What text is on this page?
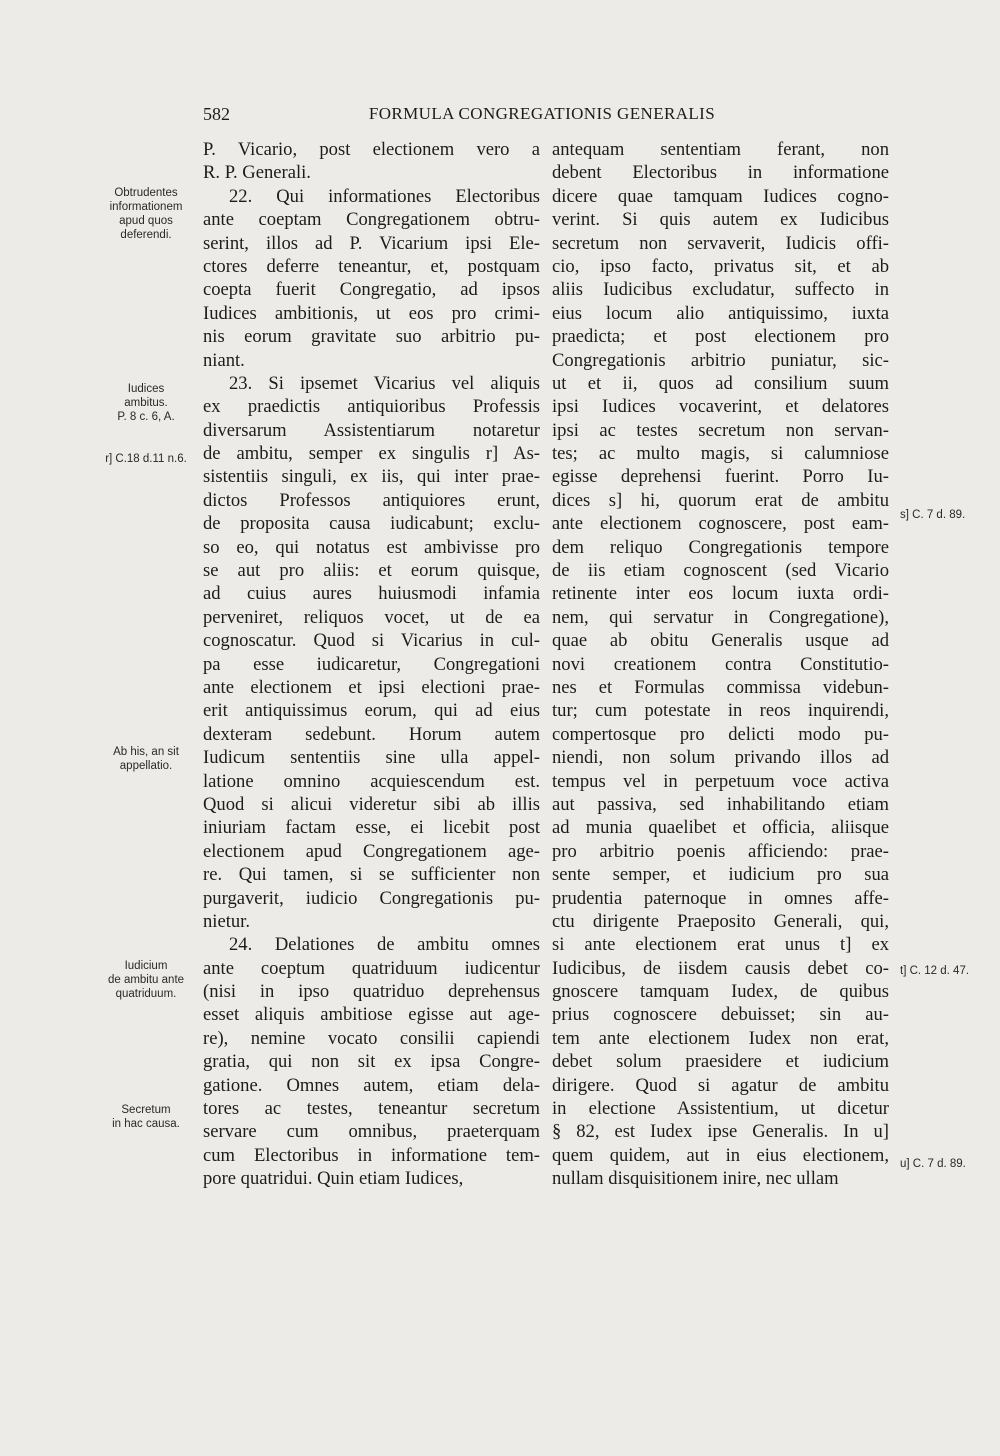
582	FORMULA CONGREGATIONIS GENERALIS
P. Vicario, post electionem vero a
R. P. Generali.
22. Qui informationes Electoribus
ante coeptam Congregationem obtru-
serint, illos ad P. Vicarium ipsi Ele-
ctores deferre teneantur, et, postquam
coepta fuerit Congregatio, ad ipsos
Iudices ambitionis, ut eos pro crimi-
nis eorum gravitate suo arbitrio pu-
niant.
23. Si ipsemet Vicarius vel aliquis
ex praedictis antiquioribus Professis
diversarum Assistentiarum notaretur
de ambitu, semper ex singulis r] As-
sistentiis singuli, ex iis, qui inter prae-
dictos Professos antiquiores erunt,
de proposita causa iudicabunt; exclu-
so eo, qui notatus est ambivisse pro
se aut pro aliis: et eorum quisque,
ad cuius aures huiusmodi infamia
perveniret, reliquos vocet, ut de ea
cognoscatur. Quod si Vicarius in cul-
pa esse iudicaretur, Congregationi
ante electionem et ipsi electioni prae-
erit antiquissimus eorum, qui ad eius
dexteram sedebunt. Horum autem
Iudicum sententiis sine ulla appel-
latione omnino acquiescendum est.
Quod si alicui videretur sibi ab illis
iniuriam factam esse, ei licebit post
electionem apud Congregationem age-
re. Qui tamen, si se sufficienter non
purgaverit, iudicio Congregationis pu-
nietur.
24. Delationes de ambitu omnes
ante coeptum quatriduum iudicentur
(nisi in ipso quatriduo deprehensus
esset aliquis ambitiose egisse aut age-
re), nemine vocato consilii capiendi
gratia, qui non sit ex ipsa Congre-
gatione. Omnes autem, etiam dela-
tores ac testes, teneantur secretum
servare cum omnibus, praeterquam
cum Electoribus in informatione tem-
pore quatridui. Quin etiam Iudices,
antequam sententiam ferant, non
debent Electoribus in informatione
dicere quae tamquam Iudices cogno-
verint. Si quis autem ex Iudicibus
secretum non servaverit, Iudicis offi-
cio, ipso facto, privatus sit, et ab
aliis Iudicibus excludatur, suffecto in
eius locum alio antiquissimo, iuxta
praedicta; et post electionem pro
Congregationis arbitrio puniatur, sic-
ut et ii, quos ad consilium suum
ipsi Iudices vocaverint, et delatores
ipsi ac testes secretum non servan-
tes; ac multo magis, si calumniose
egisse deprehensi fuerint. Porro Iu-
dices s] hi, quorum erat de ambitu
ante electionem cognoscere, post eam-
dem reliquo Congregationis tempore
de iis etiam cognoscent (sed Vicario
retinente inter eos locum iuxta ordi-
nem, qui servatur in Congregatione),
quae ab obitu Generalis usque ad
novi creationem contra Constitutio-
nes et Formulas commissa videbun-
tur; cum potestate in reos inquirendi,
compertosque pro delicti modo pu-
niendi, non solum privando illos ad
tempus vel in perpetuum voce activa
aut passiva, sed inhabilitando etiam
ad munia quaelibet et officia, aliisque
pro arbitrio poenis afficiendo: prae-
sente semper, et iudicium pro sua
prudentia paternoque in omnes affe-
ctu dirigente Praeposito Generali, qui,
si ante electionem erat unus t] ex
Iudicibus, de iisdem causis debet co-
gnoscere tamquam Iudex, de quibus
prius cognoscere debuisset; sin au-
tem ante electionem Iudex non erat,
debet solum praesidere et iudicium
dirigere. Quod si agatur de ambitu
in electione Assistentium, ut dicetur
§ 82, est Iudex ipse Generalis. In u]
quem quidem, aut in eius electionem,
nullam disquisitionem inire, nec ullam
Obtrudentes
informationem
apud quos
deferendi.
Iudices
ambitus.
P. 8 c. 6, A.
r] C.18 d.11 n.6.
Ab his, an sit
appellatio.
Iudicium
de ambitu ante
quatriduum.
Secretum
in hac causa.
s] C. 7 d. 89.
t] C. 12 d. 47.
u] C. 7 d. 89.
